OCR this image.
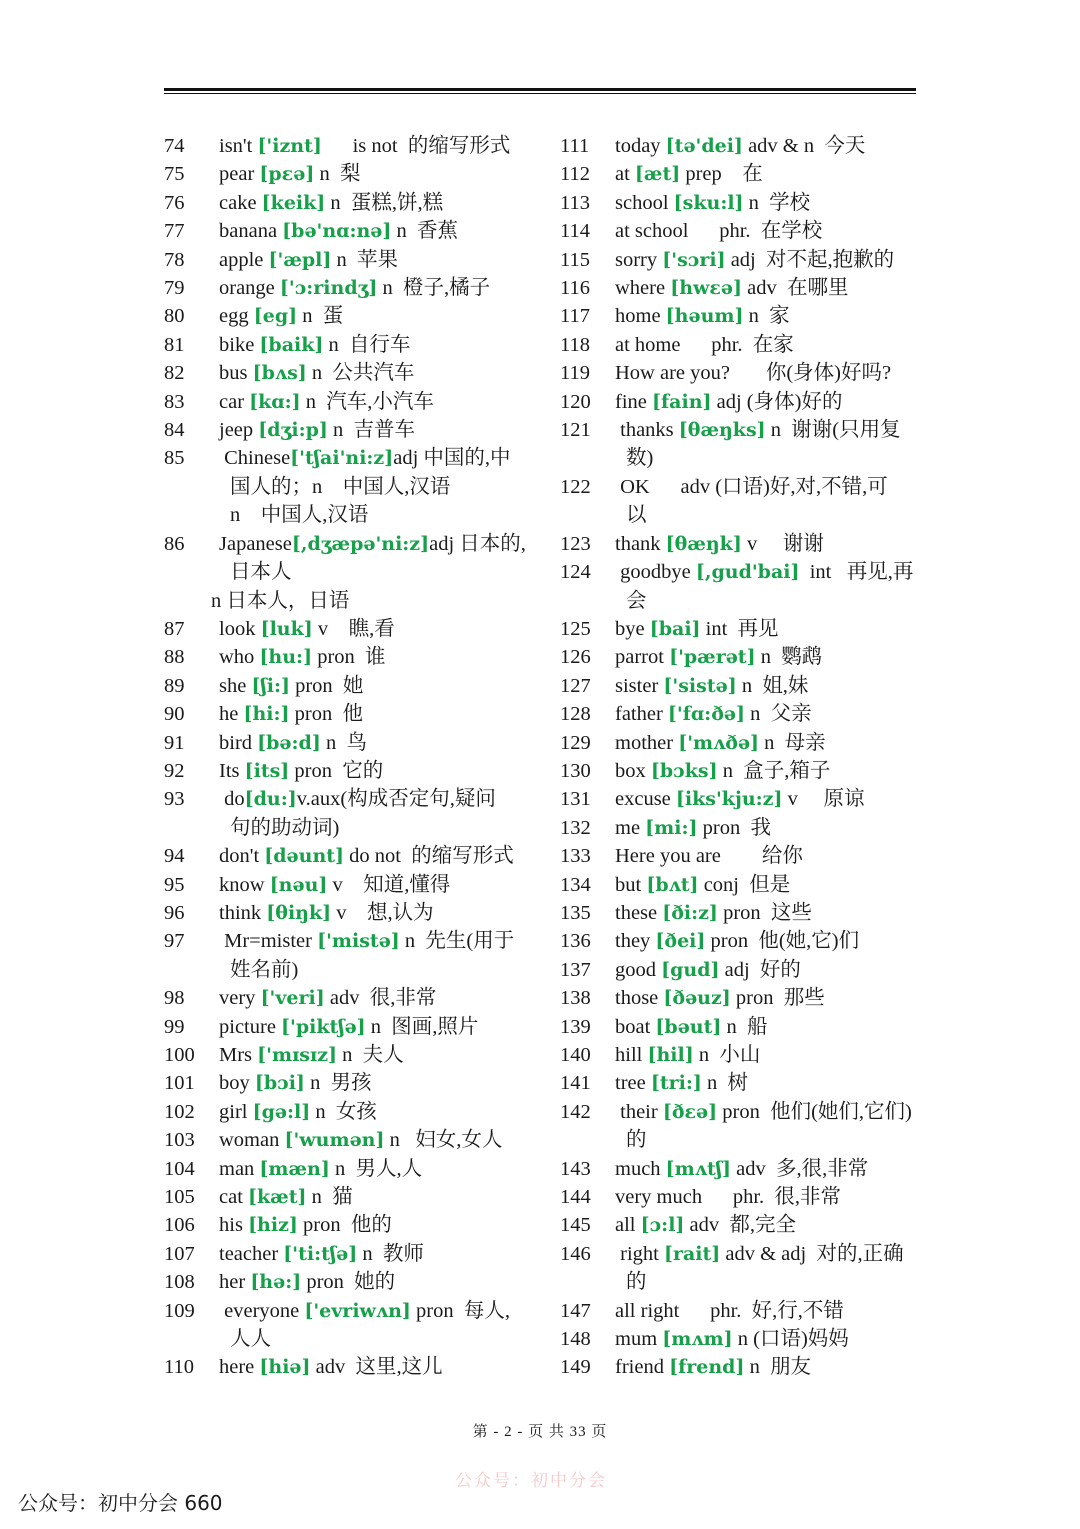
74	isn't ['iznt]      is not  的缩写形式
75	pear [pɛə] n  梨
76	cake [keik] n  蛋糕,饼,糕
77	banana [bə'nɑ:nə] n  香蕉
78	apple ['æpl] n  苹果
79	orange ['ɔ:rindʒ] n  橙子,橘子
80	egg [eg] n  蛋
81	bike [baik] n  自行车
82	bus [bʌs] n  公共汽车
83	car [kɑ:] n  汽车,小汽车
84	jeep [dʒi:p] n  吉普车
85	Chinese['tʃai'ni:z]adj 中国的,中
国人的；n    中国人,汉语
n    中国人,汉语
86	Japanese[,dʒæpə'ni:z]adj 日本的,
日本人
n 日本人，日语
87	look [luk] v    瞧,看
88	who [hu:] pron  谁
89	she [ʃi:] pron  她
90	he [hi:] pron  他
91	bird [bə:d] n  鸟
92	Its [its] pron  它的
93	do[du:]v.aux(构成否定句,疑问
句的助动词)
94	don't [dəunt] do not  的缩写形式
95	know [nəu] v    知道,懂得
96	think [θiŋk] v    想,认为
97	Mr=mister ['mistə] n  先生(用于
姓名前)
98	very ['veri] adv  很,非常
99	picture ['piktʃə] n  图画,照片
100	Mrs ['mɪsɪz] n  夫人
101	boy [bɔi] n  男孩
102	girl [gə:l] n  女孩
103	woman ['wumən] n   妇女,女人
104	man [mæn] n  男人,人
105	cat [kæt] n  猫
106	his [hiz] pron  他的
107	teacher ['ti:tʃə] n  教师
108	her [hə:] pron  她的
109	everyone ['evriwʌn] pron  每人,
人人
110	here [hiə] adv  这里,这儿
111	today [tə'dei] adv & n  今天
112	at [æt] prep    在
113	school [sku:l] n  学校
114	at school      phr.  在学校
115	sorry ['sɔri] adj  对不起,抱歉的
116	where [hwɛə] adv  在哪里
117	home [həum] n  家
118	at home      phr.  在家
119	How are you?       你(身体)好吗?
120	fine [fain] adj (身体)好的
121	thanks [θæŋks] n  谢谢(只用复
数)
122	OK      adv (口语)好,对,不错,可
以
123	thank [θæŋk] v     谢谢
124	goodbye [,gud'bai]  int   再见,再
会
125	bye [bai] int  再见
126	parrot ['pærət] n  鹦鹉
127	sister ['sistə] n  姐,妹
128	father ['fɑ:ðə] n  父亲
129	mother ['mʌðə] n  母亲
130	box [bɔks] n  盒子,箱子
131	excuse [iks'kju:z] v     原谅
132	me [mi:] pron  我
133	Here you are        给你
134	but [bʌt] conj  但是
135	these [ði:z] pron  这些
136	they [ðei] pron  他(她,它)们
137	good [gud] adj  好的
138	those [ðəuz] pron  那些
139	boat [bəut] n  船
140	hill [hil] n  小山
141	tree [tri:] n  树
142	their [ðɛə] pron  他们(她们,它们)
的
143	much [mʌtʃ] adv  多,很,非常
144	very much      phr.  很,非常
145	all [ɔ:l] adv  都,完全
146	right [rait] adv & adj  对的,正确
的
147	all right      phr.  好,行,不错
148	mum [mʌm] n (口语)妈妈
149	friend [frend] n  朋友
第 - 2 - 页 共 33 页
公众号：初中分会
公众号：初中分会 660
